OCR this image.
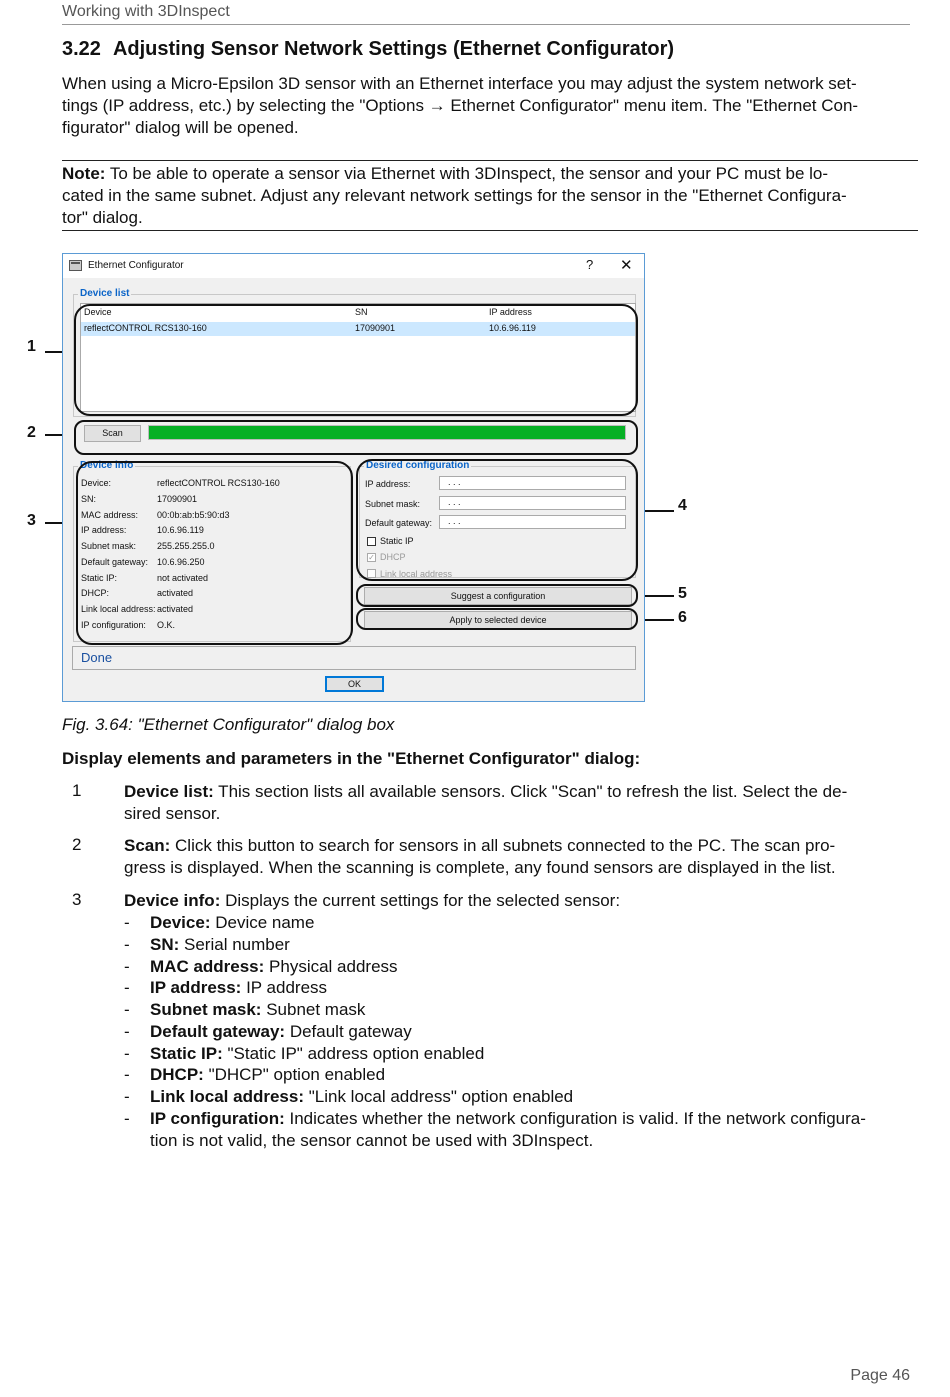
Working with 3DInspect
3.22 Adjusting Sensor Network Settings (Ethernet Configurator)
When using a Micro-Epsilon 3D sensor with an Ethernet interface you may adjust the system network set-
tings (IP address, etc.) by selecting the "Options → Ethernet Configurator" menu item. The "Ethernet Con-
figurator" dialog will be opened.
Note: To be able to operate a sensor via Ethernet with 3DInspect, the sensor and your PC must be lo-
cated in the same subnet. Adjust any relevant network settings for the sensor in the "Ethernet Configura-
tor" dialog.
1
2
3
4
5
6
Ethernet Configurator	? ✕
Device list
Device	SN	IP address
reflectCONTROL RCS130-160	17090901	10.6.96.119
Scan
Device info
Device:	reflectCONTROL RCS130-160
SN:	17090901
MAC address: 00:0b:ab:b5:90:d3
IP address:	10.6.96.119
Subnet mask: 255.255.255.0
Default gateway: 10.6.96.250
Static IP:	not activated
DHCP:	activated
Link local address: activated
IP configuration: O.K.
Desired configuration
IP address:	. . .
Subnet mask:	. . .
Default gateway:	. . .
Static IP
✓ DHCP
Link local address
Suggest a configuration
Apply to selected device
Done
OK
Fig. 3.64: "Ethernet Configurator" dialog box
Display elements and parameters in the "Ethernet Configurator" dialog:
1	Device list: This section lists all available sensors. Click "Scan" to refresh the list. Select the de-
sired sensor.
2	Scan: Click this button to search for sensors in all subnets connected to the PC. The scan pro-
gress is displayed. When the scanning is complete, any found sensors are displayed in the list.
3	Device info: Displays the current settings for the selected sensor:
- Device: Device name
- SN: Serial number
- MAC address: Physical address
- IP address: IP address
- Subnet mask: Subnet mask
- Default gateway: Default gateway
- Static IP: "Static IP" address option enabled
- DHCP: "DHCP" option enabled
- Link local address: "Link local address" option enabled
- IP configuration: Indicates whether the network configuration is valid. If the network configura-
tion is not valid, the sensor cannot be used with 3DInspect.
Page 46
